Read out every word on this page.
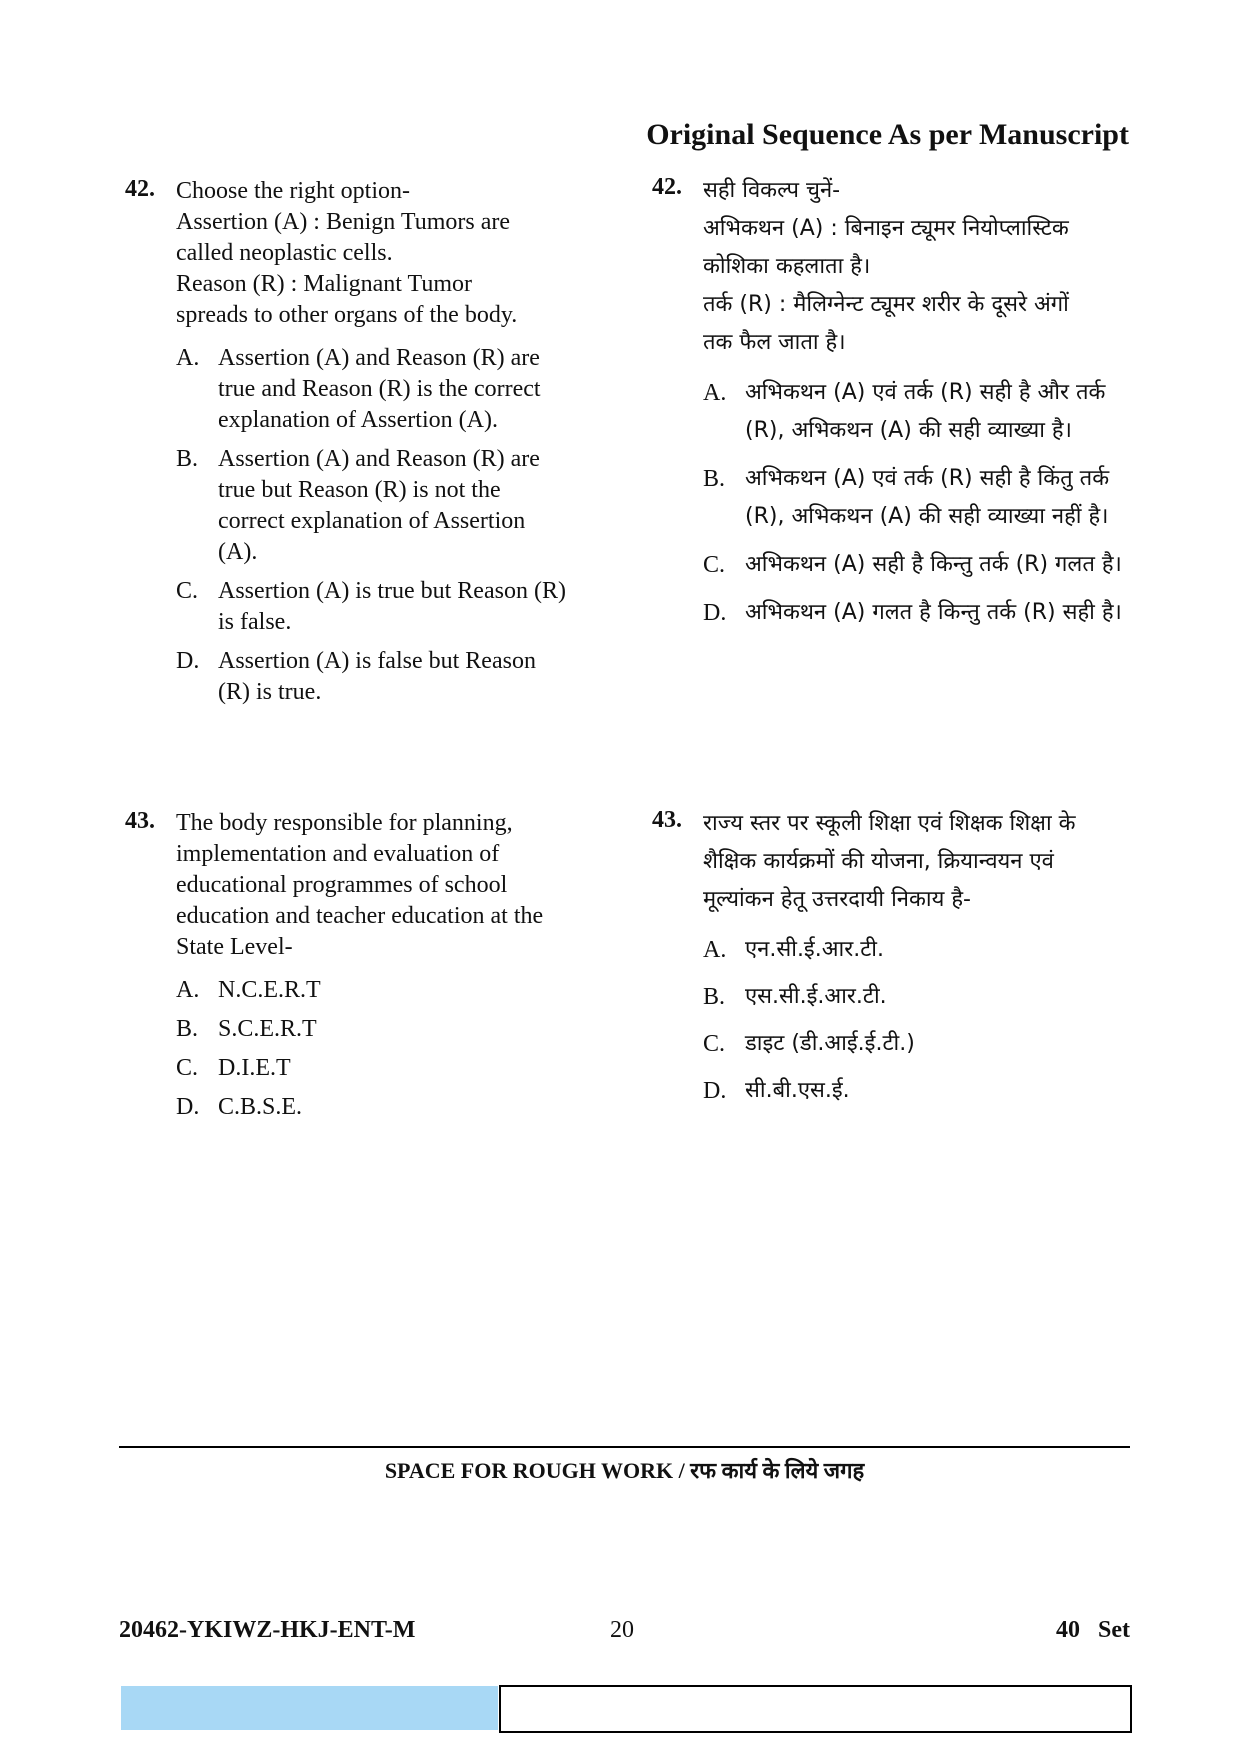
Original Sequence As per Manuscript
42. Choose the right option-
Assertion (A) : Benign Tumors are
called neoplastic cells.
Reason (R) : Malignant Tumor
spreads to other organs of the body.
A. Assertion (A) and Reason (R) are true and Reason (R) is the correct explanation of Assertion (A).
B. Assertion (A) and Reason (R) are true but Reason (R) is not the correct explanation of Assertion (A).
C. Assertion (A) is true but Reason (R) is false.
D. Assertion (A) is false but Reason (R) is true.
42. सही विकल्प चुनें-
अभिकथन (A) : बिनाइन ट्यूमर नियोप्लास्टिक
कोशिका कहलाता है।
तर्क (R) : मैलिग्नेन्ट ट्यूमर शरीर के दूसरे अंगों
तक फैल जाता है।
A. अभिकथन (A) एवं तर्क (R) सही है और तर्क (R), अभिकथन (A) की सही व्याख्या है।
B. अभिकथन (A) एवं तर्क (R) सही है किंतु तर्क (R), अभिकथन (A) की सही व्याख्या नहीं है।
C. अभिकथन (A) सही है किन्तु तर्क (R) गलत है।
D. अभिकथन (A) गलत है किन्तु तर्क (R) सही है।
43. The body responsible for planning,
implementation and evaluation of
educational programmes of school
education and teacher education at the
State Level-
A. N.C.E.R.T
B. S.C.E.R.T
C. D.I.E.T
D. C.B.S.E.
43. राज्य स्तर पर स्कूली शिक्षा एवं शिक्षक शिक्षा के
शैक्षिक कार्यक्रमों की योजना, क्रियान्वयन एवं
मूल्यांकन हेतू उत्तरदायी निकाय है-
A. एन.सी.ई.आर.टी.
B. एस.सी.ई.आर.टी.
C. डाइट (डी.आई.ई.टी.)
D. सी.बी.एस.ई.
SPACE FOR ROUGH WORK / रफ कार्य के लिये जगह
20462-YKIWZ-HKJ-ENT-M	20	40   Set
